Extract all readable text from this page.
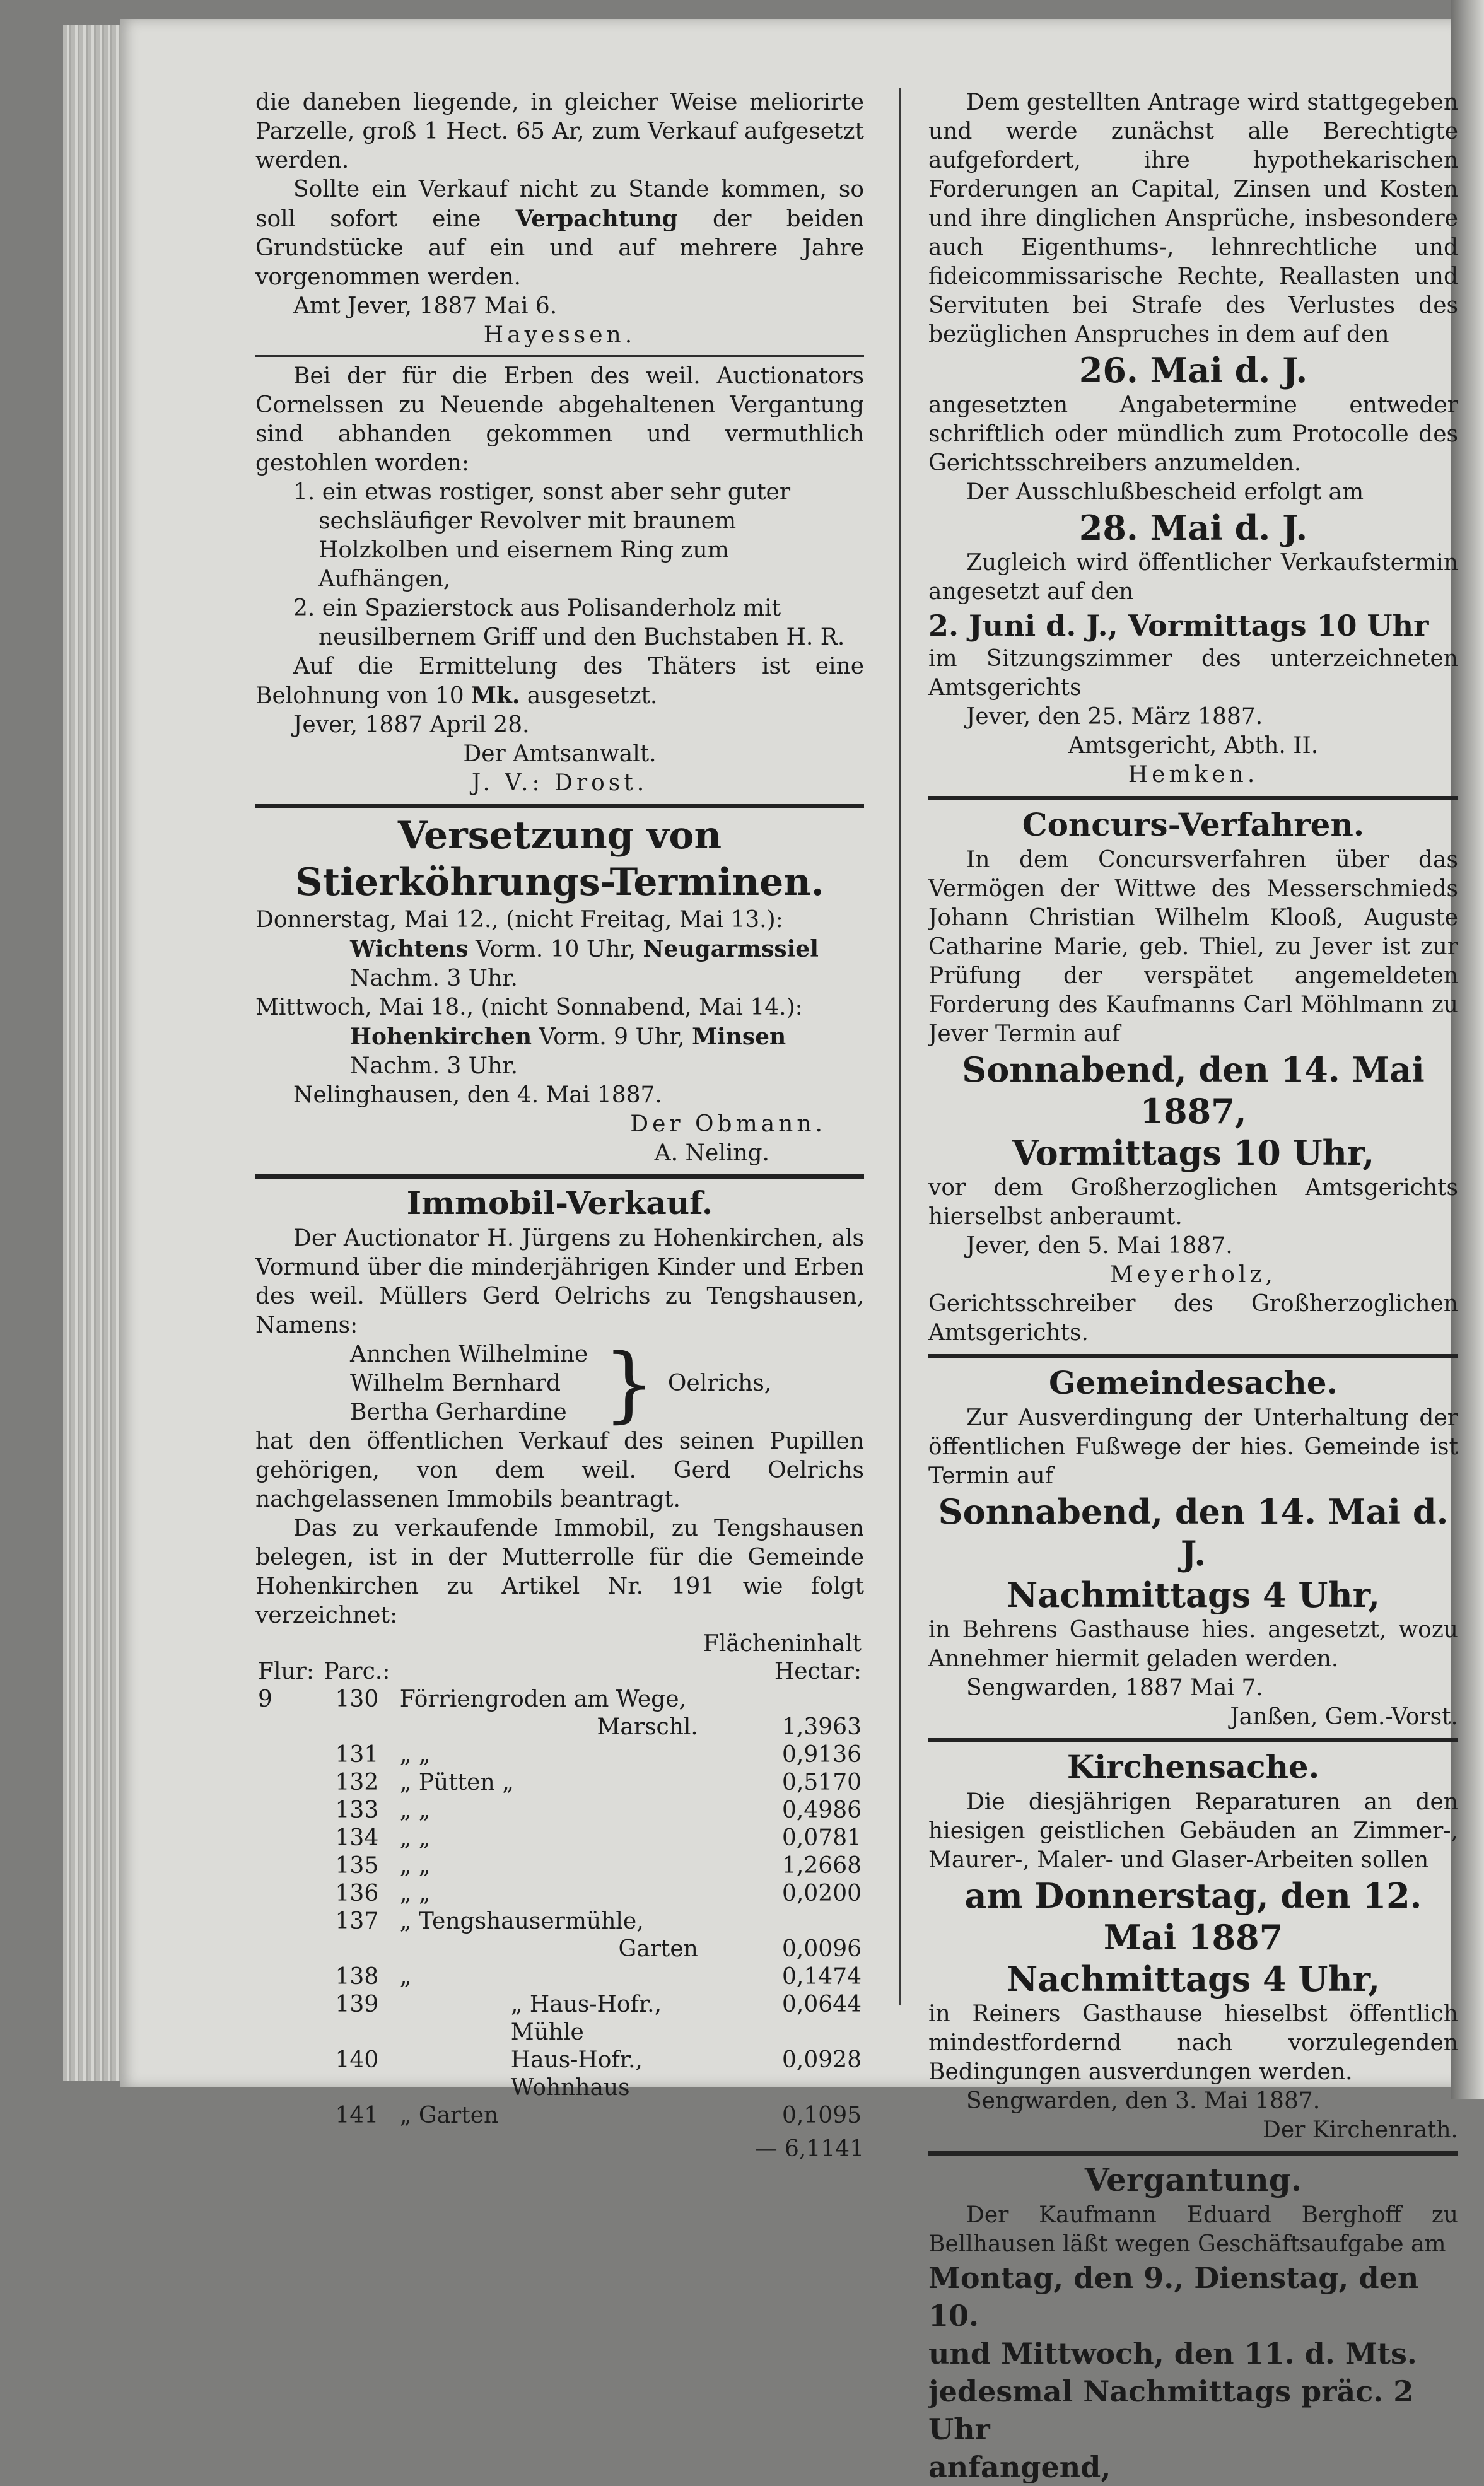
die daneben liegende, in gleicher Weise meliorirte Parzelle, groß 1 Hect. 65 Ar, zum Verkauf aufgesetzt werden.

Sollte ein Verkauf nicht zu Stande kommen, so soll sofort eine Verpachtung der beiden Grundstücke auf ein und auf mehrere Jahre vorgenommen werden.

Amt Jever, 1887 Mai 6.

Hayessen.

Bei der für die Erben des weil. Auctionators Cornelssen zu Neuende abgehaltenen Vergantung sind abhanden gekommen und vermuthlich gestohlen worden:

1. ein etwas rostiger, sonst aber sehr guter sechsläufiger Revolver mit braunem Holzkolben und eisernem Ring zum Aufhängen,

2. ein Spazierstock aus Polisanderholz mit neusilbernem Griff und den Buchstaben H. R.

Auf die Ermittelung des Thäters ist eine Belohnung von 10 Mk. ausgesetzt.

Jever, 1887 April 28.

Der Amtsanwalt.

J. V.: Drost.

Versetzung von Stierköhrungs-Terminen.

Donnerstag, Mai 12., (nicht Freitag, Mai 13.):

Wichtens Vorm. 10 Uhr, Neugarmssiel

Nachm. 3 Uhr.

Mittwoch, Mai 18., (nicht Sonnabend, Mai 14.):

Hohenkirchen Vorm. 9 Uhr, Minsen

Nachm. 3 Uhr.

Nelinghausen, den 4. Mai 1887.

Der Obmann.

A. Neling.

Immobil-Verkauf.

Der Auctionator H. Jürgens zu Hohenkirchen, als Vormund über die minderjährigen Kinder und Erben des weil. Müllers Gerd Oelrichs zu Tengshausen, Namens:

Annchen Wilhelmine
Wilhelm Bernhard
Bertha Gerhardine } Oelrichs,

hat den öffentlichen Verkauf des seinen Pupillen gehörigen, von dem weil. Gerd Oelrichs nachgelassenen Immobils beantragt.

Das zu verkaufende Immobil, zu Tengshausen belegen, ist in der Mutterrolle für die Gemeinde Hohenkirchen zu Artikel Nr. 191 wie folgt verzeichnet:

			Flächeninhalt
Flur:	Parc.:		Hectar:
9	130	Förriengroden am Wege,	
		Marschl.	1,3963
	131	„ „	0,9136
	132	„ Pütten „	0,5170
	133	„ „	0,4986
	134	„ „	0,0781
	135	„ „	1,2668
	136	„ „	0,0200
	137	„ Tengshausermühle,	
		Garten	0,0096
	138	„	0,1474
	139	„ Haus-Hofr.,	0,0644
		Mühle	
	140	Haus-Hofr.,	0,0928
		Wohnhaus	
	141	„ Garten	0,1095

— 6,1141

Dem gestellten Antrage wird stattgegeben und werde zunächst alle Berechtigte aufgefordert, ihre hypothekarischen Forderungen an Capital, Zinsen und Kosten und ihre dinglichen Ansprüche, insbesondere auch Eigenthums-, lehnrechtliche und fideicommissarische Rechte, Reallasten und Servituten bei Strafe des Verlustes des bezüglichen Anspruches in dem auf den

26. Mai d. J.

angesetzten Angabetermine entweder schriftlich oder mündlich zum Protocolle des Gerichtsschreibers anzumelden.

Der Ausschlußbescheid erfolgt am

28. Mai d. J.

Zugleich wird öffentlicher Verkaufstermin angesetzt auf den

2. Juni d. J., Vormittags 10 Uhr

im Sitzungszimmer des unterzeichneten Amtsgerichts

Jever, den 25. März 1887.

Amtsgericht, Abth. II.

Hemken.

Concurs-Verfahren.

In dem Concursverfahren über das Vermögen der Wittwe des Messerschmieds Johann Christian Wilhelm Klooß, Auguste Catharine Marie, geb. Thiel, zu Jever ist zur Prüfung der verspätet angemeldeten Forderung des Kaufmanns Carl Möhlmann zu Jever Termin auf

Sonnabend, den 14. Mai 1887,

Vormittags 10 Uhr,

vor dem Großherzoglichen Amtsgerichts hierselbst anberaumt.

Jever, den 5. Mai 1887.

Meyerholz,

Gerichtsschreiber des Großherzoglichen Amtsgerichts.

Gemeindesache.

Zur Ausverdingung der Unterhaltung der öffentlichen Fußwege der hies. Gemeinde ist Termin auf

Sonnabend, den 14. Mai d. J.

Nachmittags 4 Uhr,

in Behrens Gasthause hies. angesetzt, wozu Annehmer hiermit geladen werden.

Sengwarden, 1887 Mai 7.

Janßen, Gem.-Vorst.

Kirchensache.

Die diesjährigen Reparaturen an den hiesigen geistlichen Gebäuden an Zimmer-, Maurer-, Maler- und Glaser-Arbeiten sollen

am Donnerstag, den 12. Mai 1887

Nachmittags 4 Uhr,

in Reiners Gasthause hieselbst öffentlich mindestfordernd nach vorzulegenden Bedingungen ausverdungen werden.

Sengwarden, den 3. Mai 1887.

Der Kirchenrath.

Vergantung.

Der Kaufmann Eduard Berghoff zu Bellhausen läßt wegen Geschäftsaufgabe am

Montag, den 9., Dienstag, den 10.

und Mittwoch, den 11. d. Mts.

jedesmal Nachmittags präc. 2 Uhr

anfangend,
